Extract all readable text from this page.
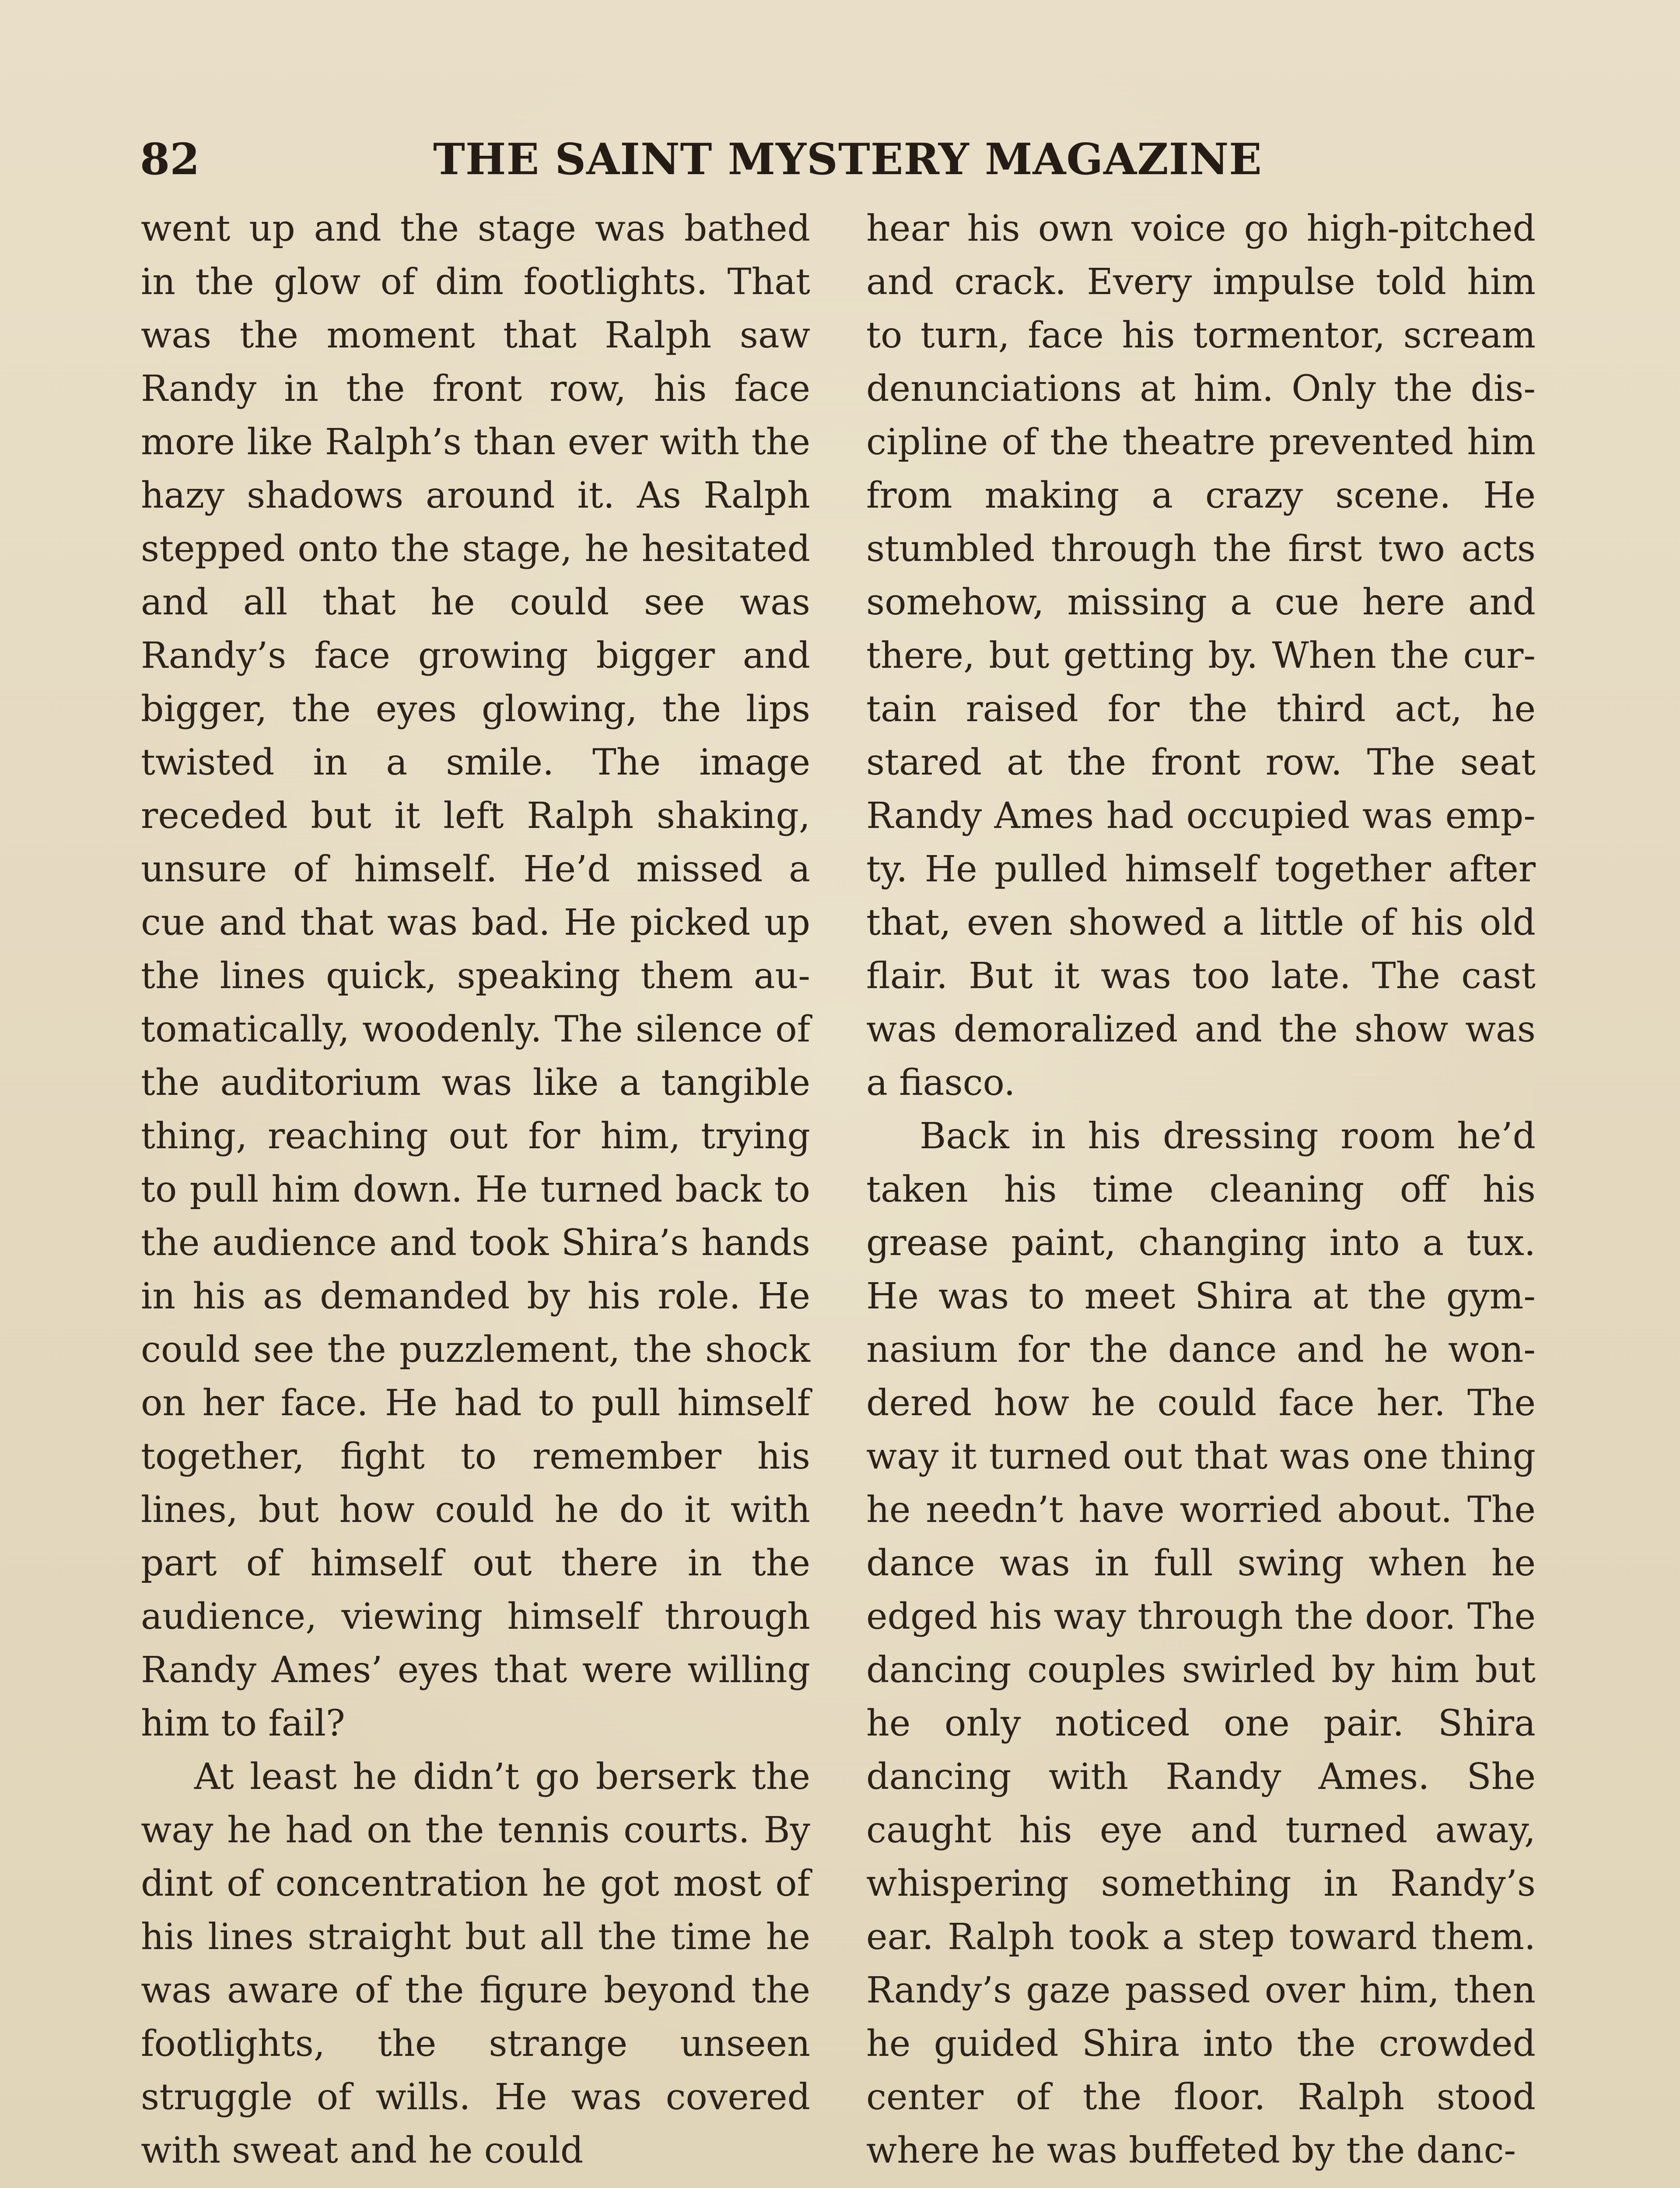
82	THE SAINT MYSTERY MAGAZINE

went up and the stage was bathed in the glow of dim footlights. That was the moment that Ralph saw Randy in the front row, his face more like Ralph’s than ever with the hazy shadows around it. As Ralph stepped onto the stage, he hesitated and all that he could see was Randy’s face growing bigger and bigger, the eyes glowing, the lips twisted in a smile. The image receded but it left Ralph shaking, unsure of himself. He’d missed a cue and that was bad. He picked up the lines quick, speaking them automatically, woodenly. The silence of the auditorium was like a tangible thing, reaching out for him, trying to pull him down. He turned back to the audience and took Shira’s hands in his as demanded by his role. He could see the puzzlement, the shock on her face. He had to pull himself together, fight to remember his lines, but how could he do it with part of himself out there in the audience, viewing himself through Randy Ames’ eyes that were willing him to fail?

At least he didn’t go berserk the way he had on the tennis courts. By dint of concentration he got most of his lines straight but all the time he was aware of the figure beyond the footlights, the strange unseen struggle of wills. He was covered with sweat and he could

hear his own voice go high-pitched and crack. Every impulse told him to turn, face his tormentor, scream denunciations at him. Only the discipline of the theatre prevented him from making a crazy scene. He stumbled through the first two acts somehow, missing a cue here and there, but getting by. When the curtain raised for the third act, he stared at the front row. The seat Randy Ames had occupied was empty. He pulled himself together after that, even showed a little of his old flair. But it was too late. The cast was demoralized and the show was a fiasco.

Back in his dressing room he’d taken his time cleaning off his grease paint, changing into a tux. He was to meet Shira at the gymnasium for the dance and he wondered how he could face her. The way it turned out that was one thing he needn’t have worried about. The dance was in full swing when he edged his way through the door. The dancing couples swirled by him but he only noticed one pair. Shira dancing with Randy Ames. She caught his eye and turned away, whispering something in Randy’s ear. Ralph took a step toward them. Randy’s gaze passed over him, then he guided Shira into the crowded center of the floor. Ralph stood where he was buffeted by the danc-
